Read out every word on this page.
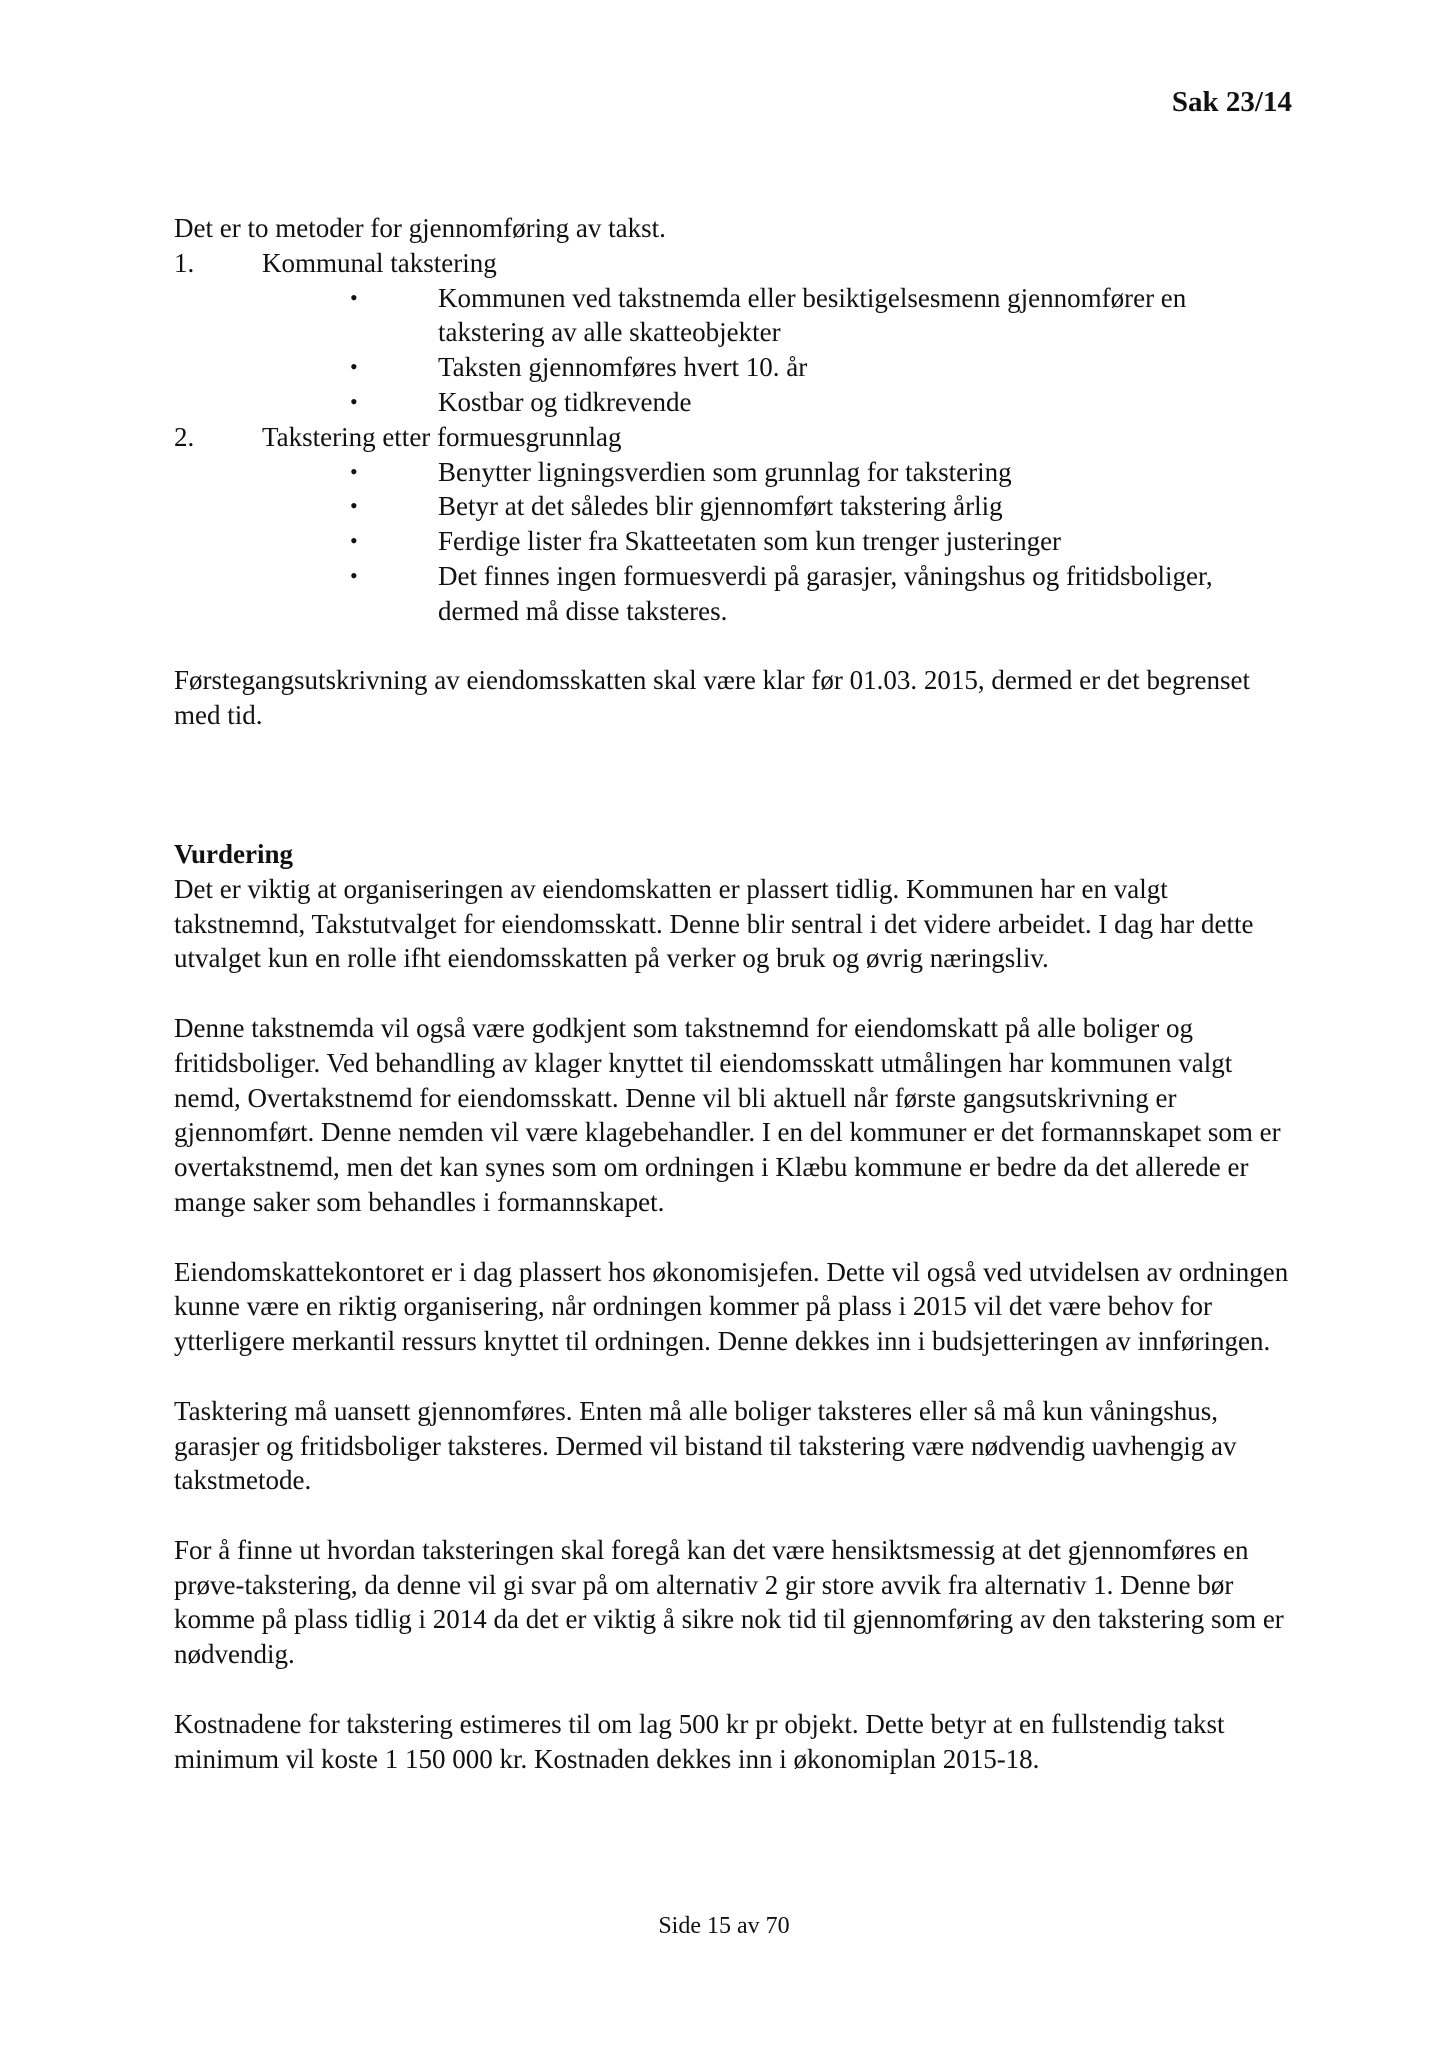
Sak 23/14

Det er to metoder for gjennomføring av takst.

1.	Kommunal takstering
•	Kommunen ved takstnemda eller besiktigelsesmenn gjennomfører en takstering av alle skatteobjekter
•	Taksten gjennomføres hvert 10. år
•	Kostbar og tidkrevende
2.	Takstering etter formuesgrunnlag
•	Benytter ligningsverdien som grunnlag for takstering
•	Betyr at det således blir gjennomført takstering årlig
•	Ferdige lister fra Skatteetaten som kun trenger justeringer
•	Det finnes ingen formuesverdi på garasjer, våningshus og fritidsboliger, dermed må disse taksteres.

Førstegangsutskrivning av eiendomsskatten skal være klar før 01.03. 2015, dermed er det begrenset med tid.

Vurdering

Det er viktig at organiseringen av eiendomskatten er plassert tidlig. Kommunen har en valgt takstnemnd, Takstutvalget for eiendomsskatt. Denne blir sentral i det videre arbeidet. I dag har dette utvalget kun en rolle ifht eiendomsskatten på verker og bruk og øvrig næringsliv.

Denne takstnemda vil også være godkjent som takstnemnd for eiendomskatt på alle boliger og fritidsboliger. Ved behandling av klager knyttet til eiendomsskatt utmålingen har kommunen valgt nemd, Overtakstnemd for eiendomsskatt. Denne vil bli aktuell når første gangsutskrivning er gjennomført. Denne nemden vil være klagebehandler. I en del kommuner er det formannskapet som er overtakstnemd, men det kan synes som om ordningen i Klæbu kommune er bedre da det allerede er mange saker som behandles i formannskapet.

Eiendomskattekontoret er i dag plassert hos økonomisjefen. Dette vil også ved utvidelsen av ordningen kunne være en riktig organisering, når ordningen kommer på plass i 2015 vil det være behov for ytterligere merkantil ressurs knyttet til ordningen. Denne dekkes inn i budsjetteringen av innføringen.

Tasktering må uansett gjennomføres. Enten må alle boliger taksteres eller så må kun våningshus, garasjer og fritidsboliger taksteres. Dermed vil bistand til takstering være nødvendig uavhengig av takstmetode.

For å finne ut hvordan taksteringen skal foregå kan det være hensiktsmessig at det gjennomføres en prøve-takstering, da denne vil gi svar på om alternativ 2 gir store avvik fra alternativ 1. Denne bør komme på plass tidlig i 2014 da det er viktig å sikre nok tid til gjennomføring av den takstering som er nødvendig.

Kostnadene for takstering estimeres til om lag 500 kr pr objekt. Dette betyr at en fullstendig takst minimum vil koste 1 150 000 kr. Kostnaden dekkes inn i økonomiplan 2015-18.

Side 15 av 70
